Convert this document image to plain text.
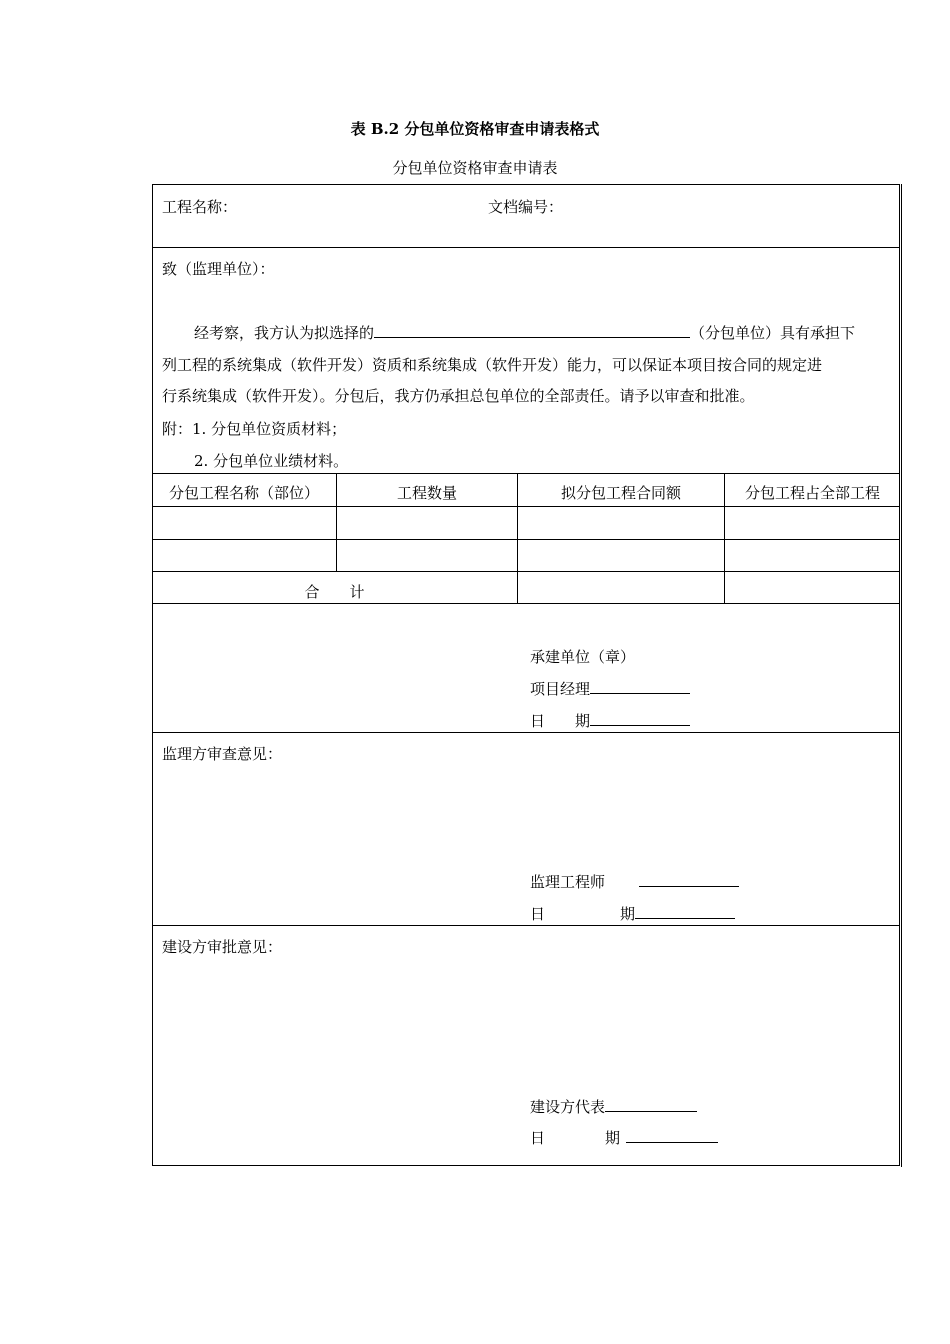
表 B.2 分包单位资格审查申请表格式
分包单位资格审查申请表
工程名称：	文档编号：
致（监理单位）：
经考察，我方认为拟选择的	（分包单位）具有承担下
列工程的系统集成（软件开发）资质和系统集成（软件开发）能力，可以保证本项目按合同的规定进
行系统集成（软件开发）。分包后，我方仍承担总包单位的全部责任。请予以审查和批准。
附：1. 分包单位资质材料；
2. 分包单位业绩材料。
分包工程名称（部位）	工程数量	拟分包工程合同额	分包工程占全部工程
合　　计
承建单位（章）
项目经理
日　　期
监理方审查意见：
监理工程师
日　　　　　期
建设方审批意见：
建设方代表
日　　　　期
